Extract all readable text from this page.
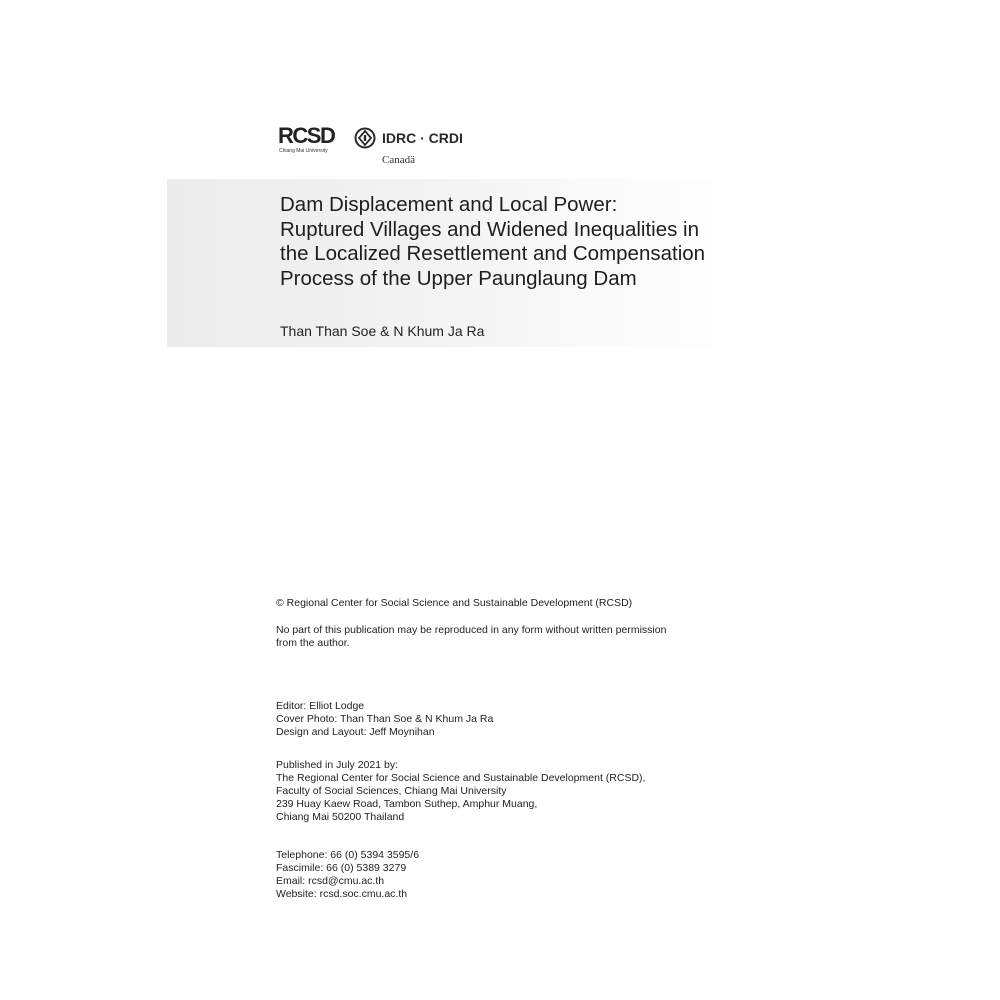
RCSD
Chiang Mai University
IDRC · CRDI
Canadä
Dam Displacement and Local Power:
Ruptured Villages and Widened Inequalities in
the Localized Resettlement and Compensation
Process of the Upper Paunglaung Dam
Than Than Soe & N Khum Ja Ra

© Regional Center for Social Science and Sustainable Development (RCSD)

No part of this publication may be reproduced in any form without written permission

from the author.

Editor: Elliot Lodge
Cover Photo: Than Than Soe & N Khum Ja Ra
Design and Layout: Jeff Moynihan
Published in July 2021 by:
The Regional Center for Social Science and Sustainable Development (RCSD),
Faculty of Social Sciences, Chiang Mai University
239 Huay Kaew Road, Tambon Suthep, Amphur Muang,
Chiang Mai 50200 Thailand
Telephone: 66 (0) 5394 3595/6
Fascimile: 66 (0) 5389 3279
Email: rcsd@cmu.ac.th
Website: rcsd.soc.cmu.ac.th
